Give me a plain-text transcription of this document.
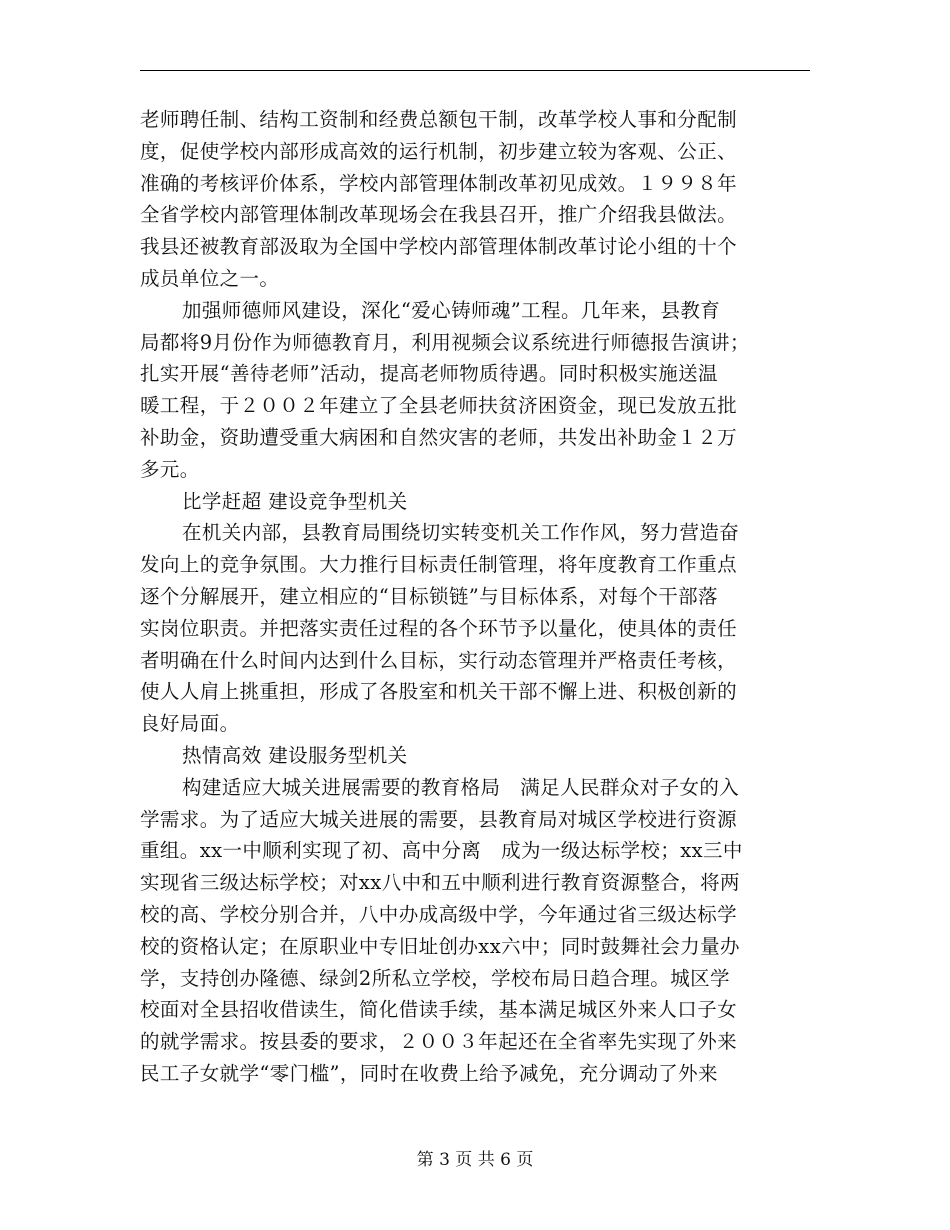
老师聘任制、结构工资制和经费总额包干制，改革学校人事和分配制
度，促使学校内部形成高效的运行机制，初步建立较为客观、公正、
准确的考核评价体系，学校内部管理体制改革初见成效。１９９８年
全省学校内部管理体制改革现场会在我县召开，推广介绍我县做法。
我县还被教育部汲取为全国中学校内部管理体制改革讨论小组的十个
成员单位之一。
加强师德师风建设，深化“爱心铸师魂”工程。几年来，县教育
局都将9月份作为师德教育月，利用视频会议系统进行师德报告演讲；
扎实开展“善待老师”活动，提高老师物质待遇。同时积极实施送温
暖工程，于２００２年建立了全县老师扶贫济困资金，现已发放五批
补助金，资助遭受重大病困和自然灾害的老师，共发出补助金１２万
多元。
比学赶超 建设竞争型机关
在机关内部，县教育局围绕切实转变机关工作作风，努力营造奋
发向上的竞争氛围。大力推行目标责任制管理，将年度教育工作重点
逐个分解展开，建立相应的“目标锁链”与目标体系，对每个干部落
实岗位职责。并把落实责任过程的各个环节予以量化，使具体的责任
者明确在什么时间内达到什么目标，实行动态管理并严格责任考核，
使人人肩上挑重担，形成了各股室和机关干部不懈上进、积极创新的
良好局面。
热情高效 建设服务型机关
构建适应大城关进展需要的教育格局　满足人民群众对子女的入
学需求。为了适应大城关进展的需要，县教育局对城区学校进行资源
重组。xx一中顺利实现了初、高中分离　成为一级达标学校；xx三中
实现省三级达标学校；对xx八中和五中顺利进行教育资源整合，将两
校的高、学校分别合并，八中办成高级中学，今年通过省三级达标学
校的资格认定；在原职业中专旧址创办xx六中；同时鼓舞社会力量办
学，支持创办隆德、绿剑2所私立学校，学校布局日趋合理。城区学
校面对全县招收借读生，简化借读手续，基本满足城区外来人口子女
的就学需求。按县委的要求，２００３年起还在全省率先实现了外来
民工子女就学“零门槛”，同时在收费上给予减免，充分调动了外来
第 3 页 共 6 页
